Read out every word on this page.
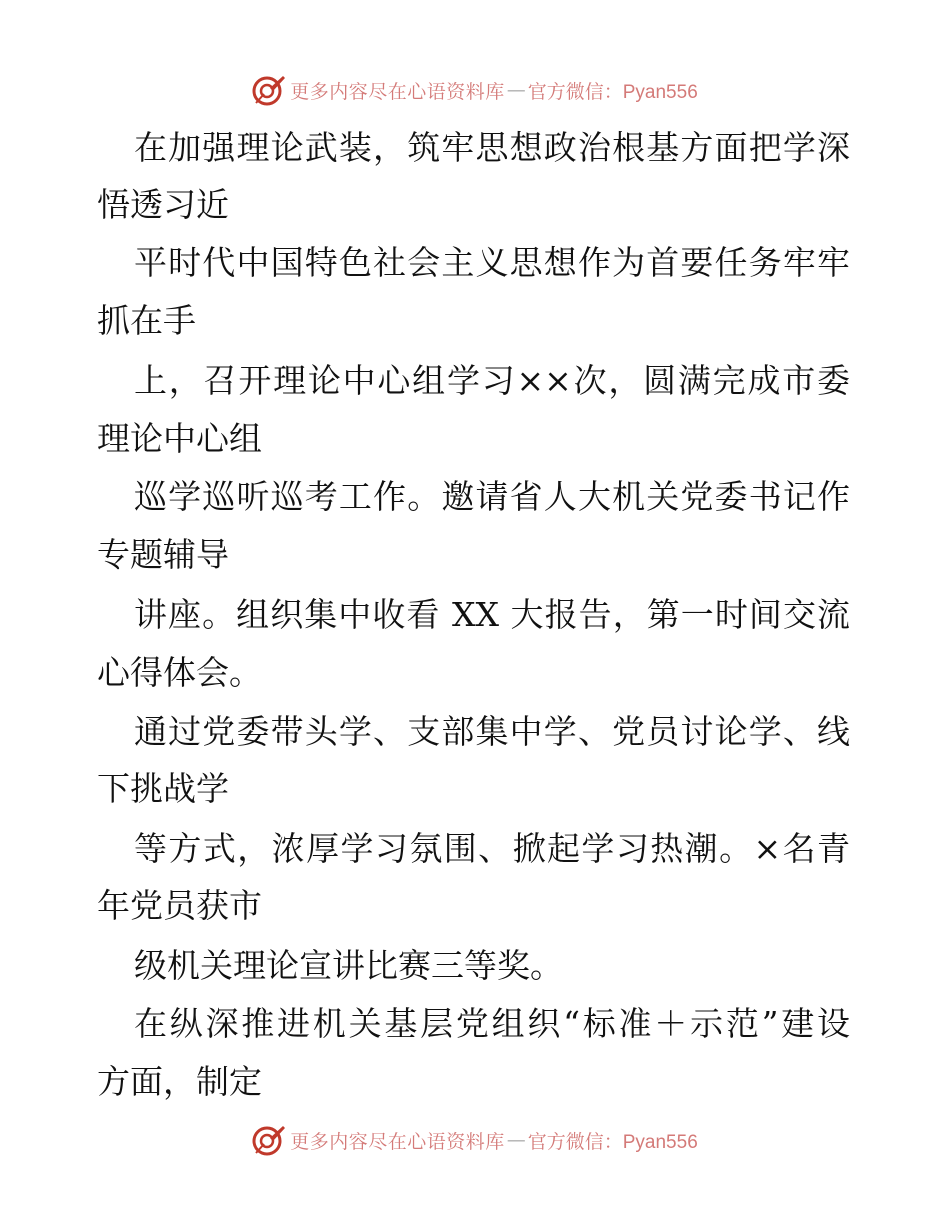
更多内容尽在心语资料库 — 官方微信：Pyan556
在加强理论武装，筑牢思想政治根基方面把学深
悟透习近
平时代中国特色社会主义思想作为首要任务牢牢
抓在手
上，召开理论中心组学习××次，圆满完成市委
理论中心组
巡学巡听巡考工作。邀请省人大机关党委书记作
专题辅导
讲座。组织集中收看 XX 大报告，第一时间交流
心得体会。
通过党委带头学、支部集中学、党员讨论学、线
下挑战学
等方式，浓厚学习氛围、掀起学习热潮。×名青
年党员获市
级机关理论宣讲比赛三等奖。
在纵深推进机关基层党组织“标准＋示范”建设
方面，制定
更多内容尽在心语资料库 — 官方微信：Pyan556
